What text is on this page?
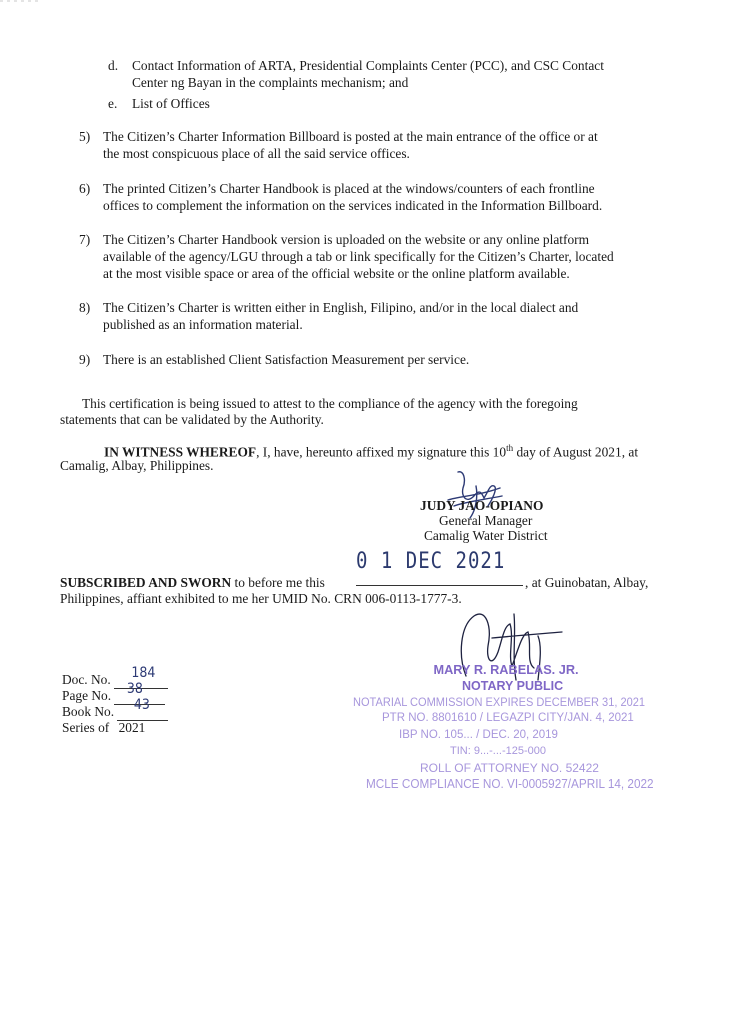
d. Contact Information of ARTA, Presidential Complaints Center (PCC), and CSC Contact
Center ng Bayan in the complaints mechanism; and
e. List of Offices
5) The Citizen’s Charter Information Billboard is posted at the main entrance of the office or at
the most conspicuous place of all the said service offices.
6) The printed Citizen’s Charter Handbook is placed at the windows/counters of each frontline
offices to complement the information on the services indicated in the Information Billboard.
7) The Citizen’s Charter Handbook version is uploaded on the website or any online platform
available of the agency/LGU through a tab or link specifically for the Citizen’s Charter, located
at the most visible space or area of the official website or the online platform available.
8) The Citizen’s Charter is written either in English, Filipino, and/or in the local dialect and
published as an information material.
9) There is an established Client Satisfaction Measurement per service.
This certification is being issued to attest to the compliance of the agency with the foregoing
statements that can be validated by the Authority.
IN WITNESS WHEREOF, I, have, hereunto affixed my signature this 10th day of August 2021, at
Camalig, Albay, Philippines.
JUDY JAO-OPIANO
General Manager
Camalig Water District
0 1 DEC 2021
SUBSCRIBED AND SWORN to before me this	, at Guinobatan, Albay,
Philippines, affiant exhibited to me her UMID No. CRN 006-0113-1777-3.
Doc. No. 184

Page No. 38

Book No. 43

Series of 2021
MARY R. RABELAS. JR.
NOTARY PUBLIC
NOTARIAL COMMISSION EXPIRES DECEMBER 31, 2021
PTR NO. 8801610 / LEGAZPI CITY/JAN. 4, 2021
IBP NO. 105... / DEC. 20, 2019
TIN: 9...-...-125-000
ROLL OF ATTORNEY NO. 52422
MCLE COMPLIANCE NO. VI-0005927/APRIL 14, 2022
